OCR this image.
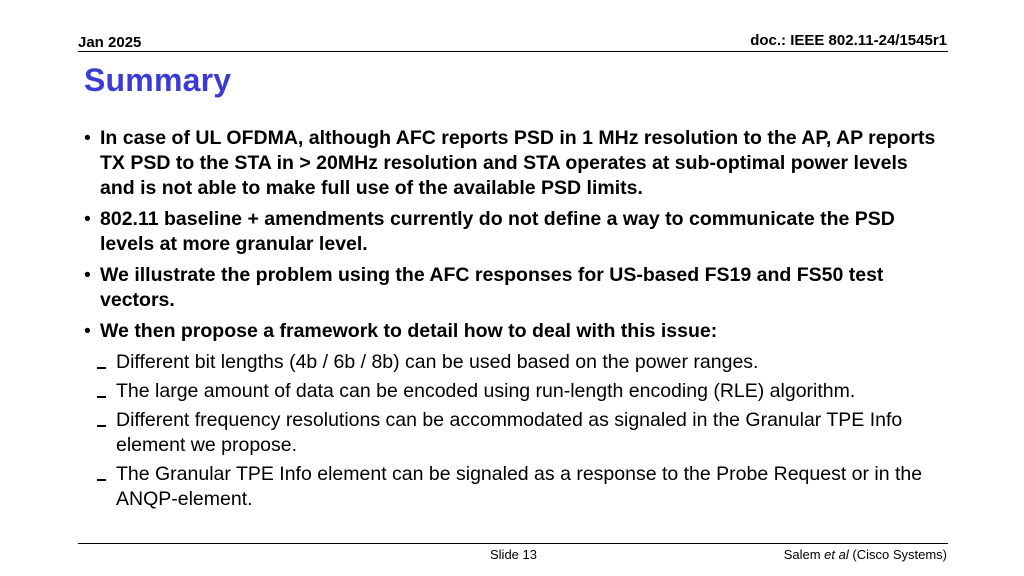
Jan 2025	doc.: IEEE 802.11-24/1545r1
Summary
• In case of UL OFDMA, although AFC reports PSD in 1 MHz resolution to the AP, AP reports TX PSD to the STA in > 20MHz resolution and STA operates at sub-optimal power levels and is not able to make full use of the available PSD limits.
• 802.11 baseline + amendments currently do not define a way to communicate the PSD levels at more granular level.
• We illustrate the problem using the AFC responses for US-based FS19 and FS50 test vectors.
• We then propose a framework to detail how to deal with this issue:
Different bit lengths (4b / 6b / 8b) can be used based on the power ranges.
The large amount of data can be encoded using run-length encoding (RLE) algorithm.
Different frequency resolutions can be accommodated as signaled in the Granular TPE Info element we propose.
The Granular TPE Info element can be signaled as a response to the Probe Request or in the ANQP-element.
Slide 13	Salem et al (Cisco Systems)
